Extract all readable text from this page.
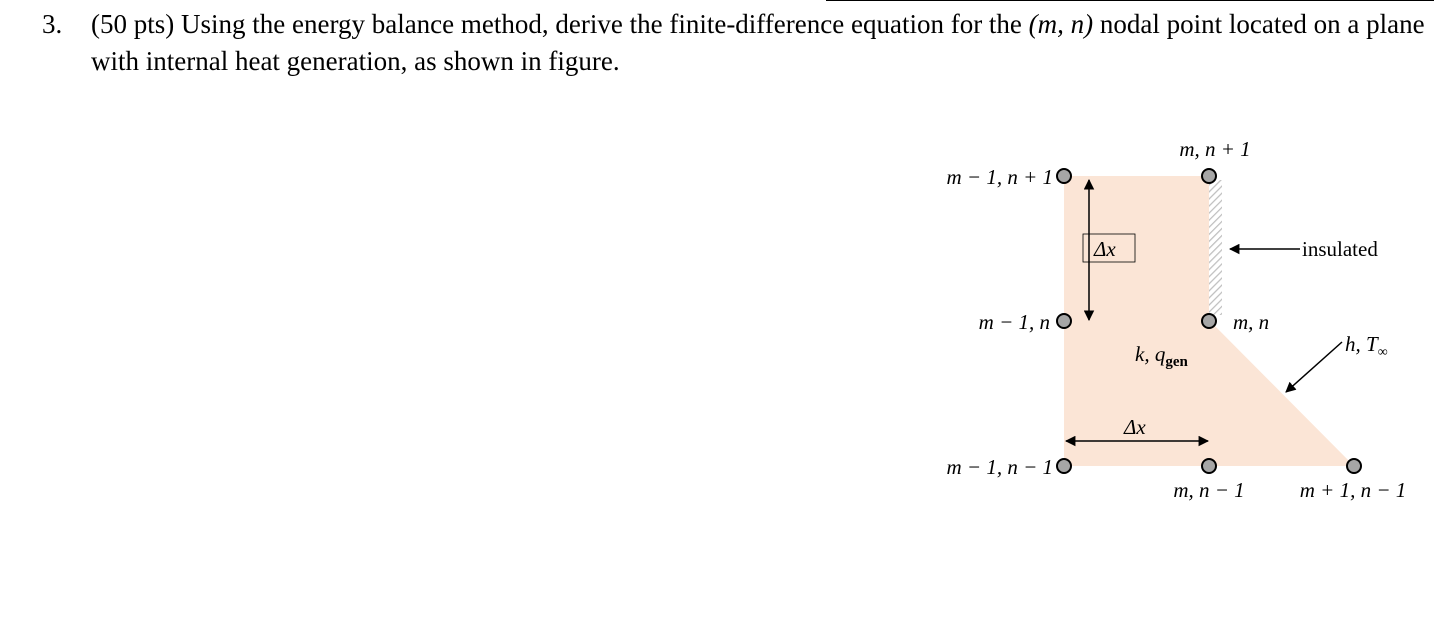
3. (50 pts) Using the energy balance method, derive the finite-difference equation for the (m, n) nodal point located on a plane with internal heat generation, as shown in figure.
Δx
Δx
insulated
h, $T_\infty$
k, $q_{gen}$
m − 1, n + 1
m, n + 1
m − 1, n	m, n
m − 1, n − 1
m, n − 1	m + 1, n − 1
